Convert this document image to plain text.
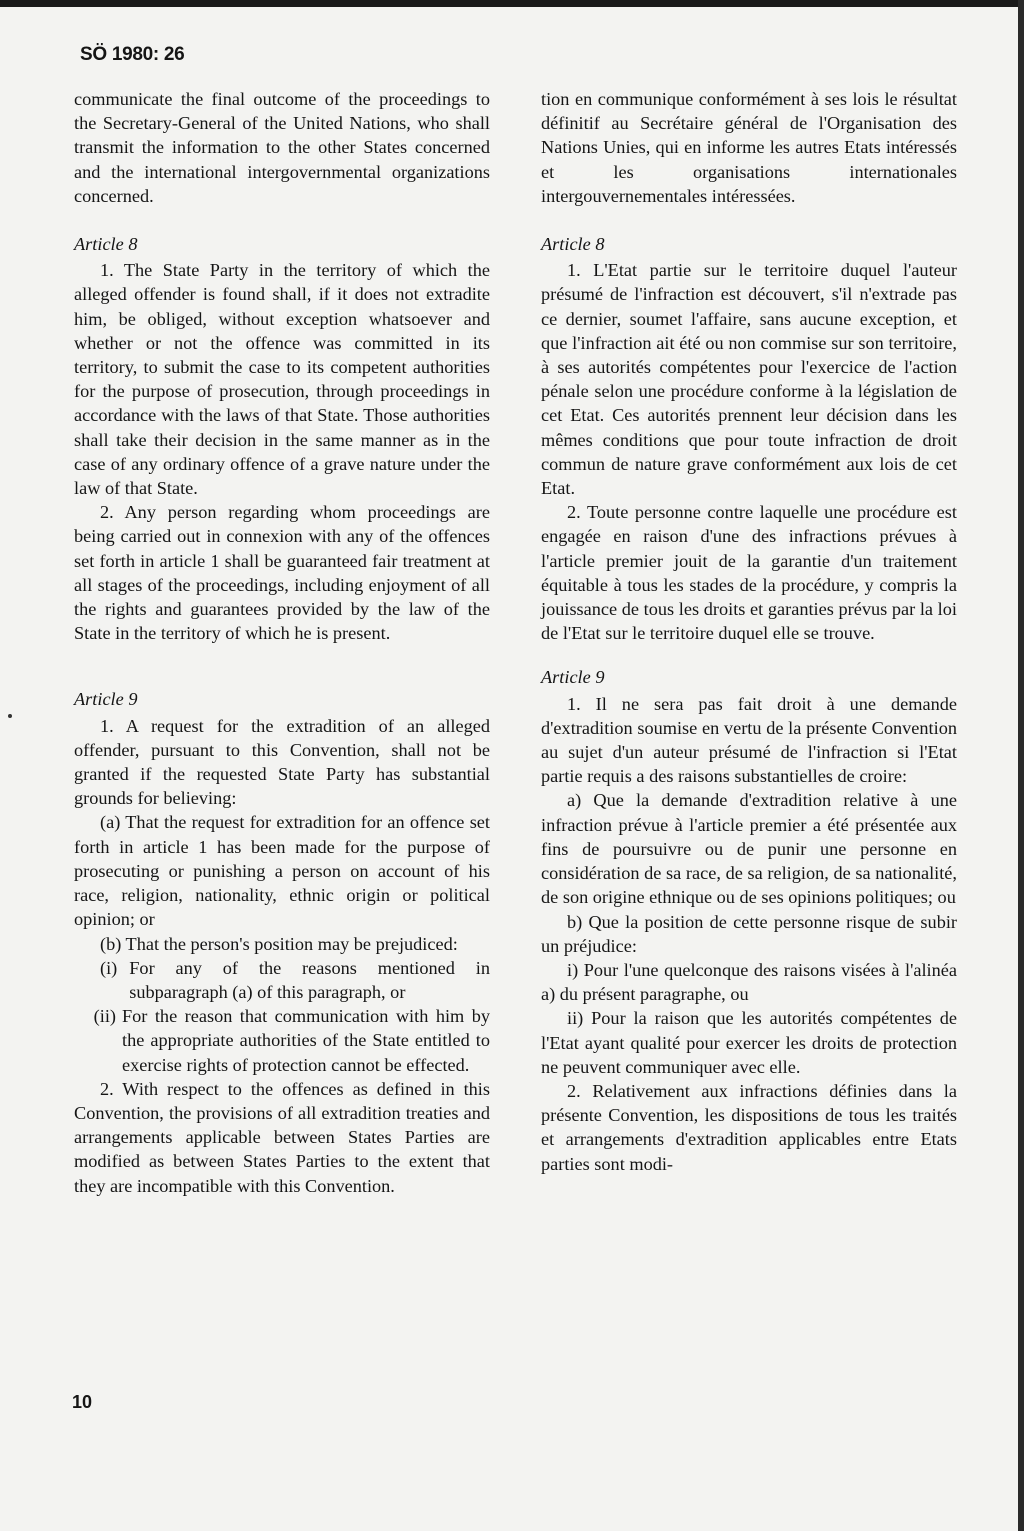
SÖ 1980: 26

communicate the final outcome of the proceedings to the Secretary-General of the United Nations, who shall transmit the information to the other States concerned and the international intergovernmental organizations concerned.

Article 8

1. The State Party in the territory of which the alleged offender is found shall, if it does not extradite him, be obliged, without exception whatsoever and whether or not the offence was committed in its territory, to submit the case to its competent authorities for the purpose of prosecution, through proceedings in accordance with the laws of that State. Those authorities shall take their decision in the same manner as in the case of any ordinary offence of a grave nature under the law of that State.

2. Any person regarding whom proceedings are being carried out in connexion with any of the offences set forth in article 1 shall be guaranteed fair treatment at all stages of the proceedings, including enjoyment of all the rights and guarantees provided by the law of the State in the territory of which he is present.

Article 9

1. A request for the extradition of an alleged offender, pursuant to this Convention, shall not be granted if the requested State Party has substantial grounds for believing:

(a) That the request for extradition for an offence set forth in article 1 has been made for the purpose of prosecuting or punishing a person on account of his race, religion, nationality, ethnic origin or political opinion; or

(b) That the person's position may be prejudiced:

(i) For any of the reasons mentioned in subparagraph (a) of this paragraph, or
(ii) For the reason that communication with him by the appropriate authorities of the State entitled to exercise rights of protection cannot be effected.

2. With respect to the offences as defined in this Convention, the provisions of all extradition treaties and arrangements applicable between States Parties are modified as between States Parties to the extent that they are incompatible with this Convention.

tion en communique conformément à ses lois le résultat définitif au Secrétaire général de l'Organisation des Nations Unies, qui en informe les autres Etats intéressés et les organisations internationales intergouvernementales intéressées.

Article 8

1. L'Etat partie sur le territoire duquel l'auteur présumé de l'infraction est découvert, s'il n'extrade pas ce dernier, soumet l'affaire, sans aucune exception, et que l'infraction ait été ou non commise sur son territoire, à ses autorités compétentes pour l'exercice de l'action pénale selon une procédure conforme à la législation de cet Etat. Ces autorités prennent leur décision dans les mêmes conditions que pour toute infraction de droit commun de nature grave conformément aux lois de cet Etat.

2. Toute personne contre laquelle une procédure est engagée en raison d'une des infractions prévues à l'article premier jouit de la garantie d'un traitement équitable à tous les stades de la procédure, y compris la jouissance de tous les droits et garanties prévus par la loi de l'Etat sur le territoire duquel elle se trouve.

Article 9

1. Il ne sera pas fait droit à une demande d'extradition soumise en vertu de la présente Convention au sujet d'un auteur présumé de l'infraction si l'Etat partie requis a des raisons substantielles de croire:

a) Que la demande d'extradition relative à une infraction prévue à l'article premier a été présentée aux fins de poursuivre ou de punir une personne en considération de sa race, de sa religion, de sa nationalité, de son origine ethnique ou de ses opinions politiques; ou

b) Que la position de cette personne risque de subir un préjudice:

i) Pour l'une quelconque des raisons visées à l'alinéa a) du présent paragraphe, ou

ii) Pour la raison que les autorités compétentes de l'Etat ayant qualité pour exercer les droits de protection ne peuvent communiquer avec elle.

2. Relativement aux infractions définies dans la présente Convention, les dispositions de tous les traités et arrangements d'extradition applicables entre Etats parties sont modi-

10
